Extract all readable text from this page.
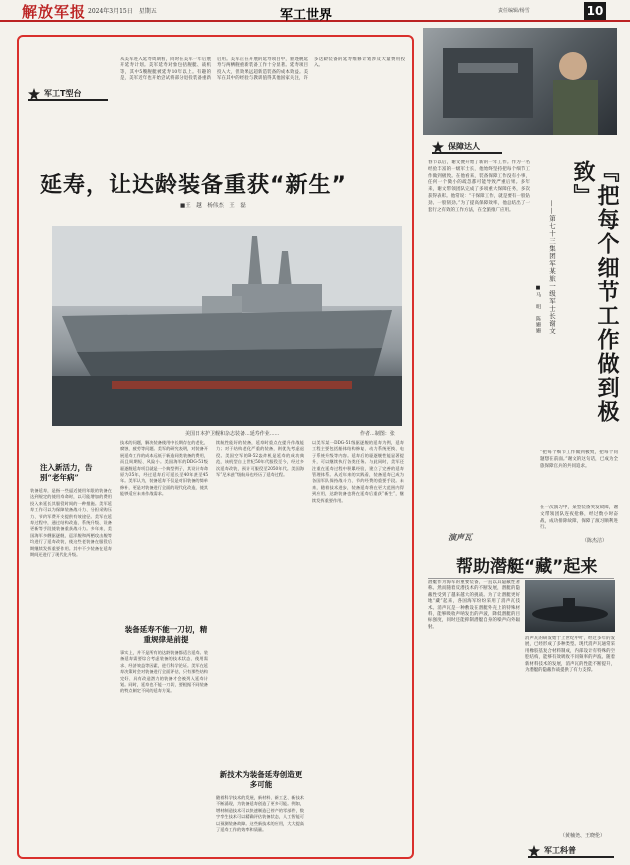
解放军报 2024年3月15日　星期五	军工世界	责任编辑/杨雪	10
从美军进入延寿周期看，同时在美军一年后展开延寿计划。美军延寿对象包括舰艇、战机等，其中5艘舰艇被延寿10年以上。有趣的是，美军近年也开始尝试将部分退役装备重新启用。美军正在开展的延寿项目中，驱逐舰延寿与两栖舰重新装备工作十分显著。延寿项目投入大，但效果远超新造装备的成本效益。美军在其中的经验与教训值得其他国家关注，许多达龄装备的延寿维修计划涉及大量费用投入。
军工T型台
延寿，让达龄装备重获“新生”
■王　越　杨伟杰　王　磊
美国日本护卫舰和杂志装备...延寿作业......	作者...制图：张
注入新活力，告别“老年病”
装备延寿，是指一些逼近使用年限的装备在达到规定的使用寿命时，以可能增加的费用投入来延长其服役时间的一种措施。美军延寿工作可以为保障装备战斗力、分担采购压力、节约军费开支提供有效途径。美军在延寿过程中，通过结构改造、系统升级、设备更新等手段使装备重获战斗力。多年来，美国海军多艘驱逐舰、巡洋舰和两栖攻击舰等均进行了延寿改装，使这些老装备在服役后期继续发挥重要作用。其中不少装备在延寿期间还进行了现代化升级。
技术的问题，解决装备使用中长期存在的老化、腐蚀、疲劳等问题。美军的研究表明，对装备开展延寿工作的成本远低于新造同类装备的费用，而且周期短、风险小。美国海军的DDG-51级驱逐舰延寿项目就是一个典型例子，其设计寿命原为35年，经过延寿后可延长至40年甚至45年。美军认为，装备延寿不仅是对旧装备的简单修补，更是对装备进行全面的现代化改造，使其能够适应未来作战需求。
装备延寿不能一刀切，精重规律是前提
事实上，并不是所有的达龄装备都适合延寿。装备延寿需要综合考虑装备的技术状态、使用需求、经济效益等因素，进行科学论证。美军在延寿决策时会对装备进行全面评估，只有那些结构完好、具有改造潜力的装备才会被列入延寿计划。同时，延寿也不能一刀切，要根据不同装备的特点制定不同的延寿方案。
续航性能好的装备，延寿时重点在提升作战能力；对于结构老化严重的装备，则优先考虑退役。美国空军的B-52轰炸机是延寿的成功典范，该机型自上世纪50年代服役至今，经过多次延寿改装，预计可服役至2050年代。美国海军“尼米兹”级航母也经历了延寿过程。
新技术为装备延寿创造更多可能
随着科学技术的发展，新材料、新工艺、新技术不断涌现，为装备延寿创造了更多可能。例如，增材制造技术可以快速制造已停产的零部件，数字孪生技术可以精确评估装备状态，人工智能可以预测装备故障。这些新技术的应用，大大提高了延寿工作的效率和质量。
以美军某一DDG-51级驱逐舰的延寿为例，延寿工程主要包括船体结构修复、动力系统更换、电子系统升级等内容。延寿后的驱逐舰性能显著提升，可以继续执行各类任务。与此同时，美军还注重在延寿过程中积累经验，建立了完善的延寿管理体系。从近年来的实践看，装备延寿已成为各国军队保持战斗力、节约经费的重要手段。未来，随着技术进步，装备延寿将在更大范围内得到应用，达龄装备也将在延寿后重获“新生”，继续发挥重要作用。
保障达人
春节以后，谢文便开始了新的一年工作。作为一名经验丰富的一级军士长，他始终坚持把每个细节工作做到极致。在他看来，装备保障工作没有小事，任何一个微小的疏忽都可能导致严重后果。多年来，谢文带领团队完成了多项重大保障任务，多次获得表彰。他常说：“干保障工作，就是要有一股钻劲、一股韧劲。”为了提高保障效率，他总结出了一套行之有效的工作方法，在全旅推广应用。	『把每个细节工作做到极致』
——第七十三集团军某旅一级军士长谢文
■马　明　陈姗姗
“把每个细节工作做到极致，把每个问题想在前面。”谢文的这句话，已成为全旅保障官兵的共同追求。
在一次演习中，某型装备突发故障，谢文带领团队连夜抢修，经过数小时奋战，成功排除故障，保障了演习顺利进行。
（陈杰洁）
演声瓦
帮助潜艇“藏”起来
潜艇作为海军的重要装备，一直以其隐蔽性著称。然而随着反潜技术的不断发展，潜艇的隐蔽性受到了越来越大的挑战。为了让潜艇更好地“藏”起来，各国海军纷纷采用了消声瓦技术。消声瓦是一种敷设在潜艇外壳上的特殊材料，能够吸收声呐发出的声波，降低潜艇的目标强度，同时还能抑制潜艇自身的噪声向外辐射。
消声瓦的研发始于上世纪中叶，经过多年的发展，已经形成了多种类型。现代消声瓦通常采用橡胶基复合材料制成，内部设计有特殊的空腔结构，能够有效吸收不同频率的声波。随着新材料技术的发展，消声瓦的性能不断提升，为潜艇的隐蔽作战提供了有力支撑。
（黄楠尧、王晓伦）
军工科普
